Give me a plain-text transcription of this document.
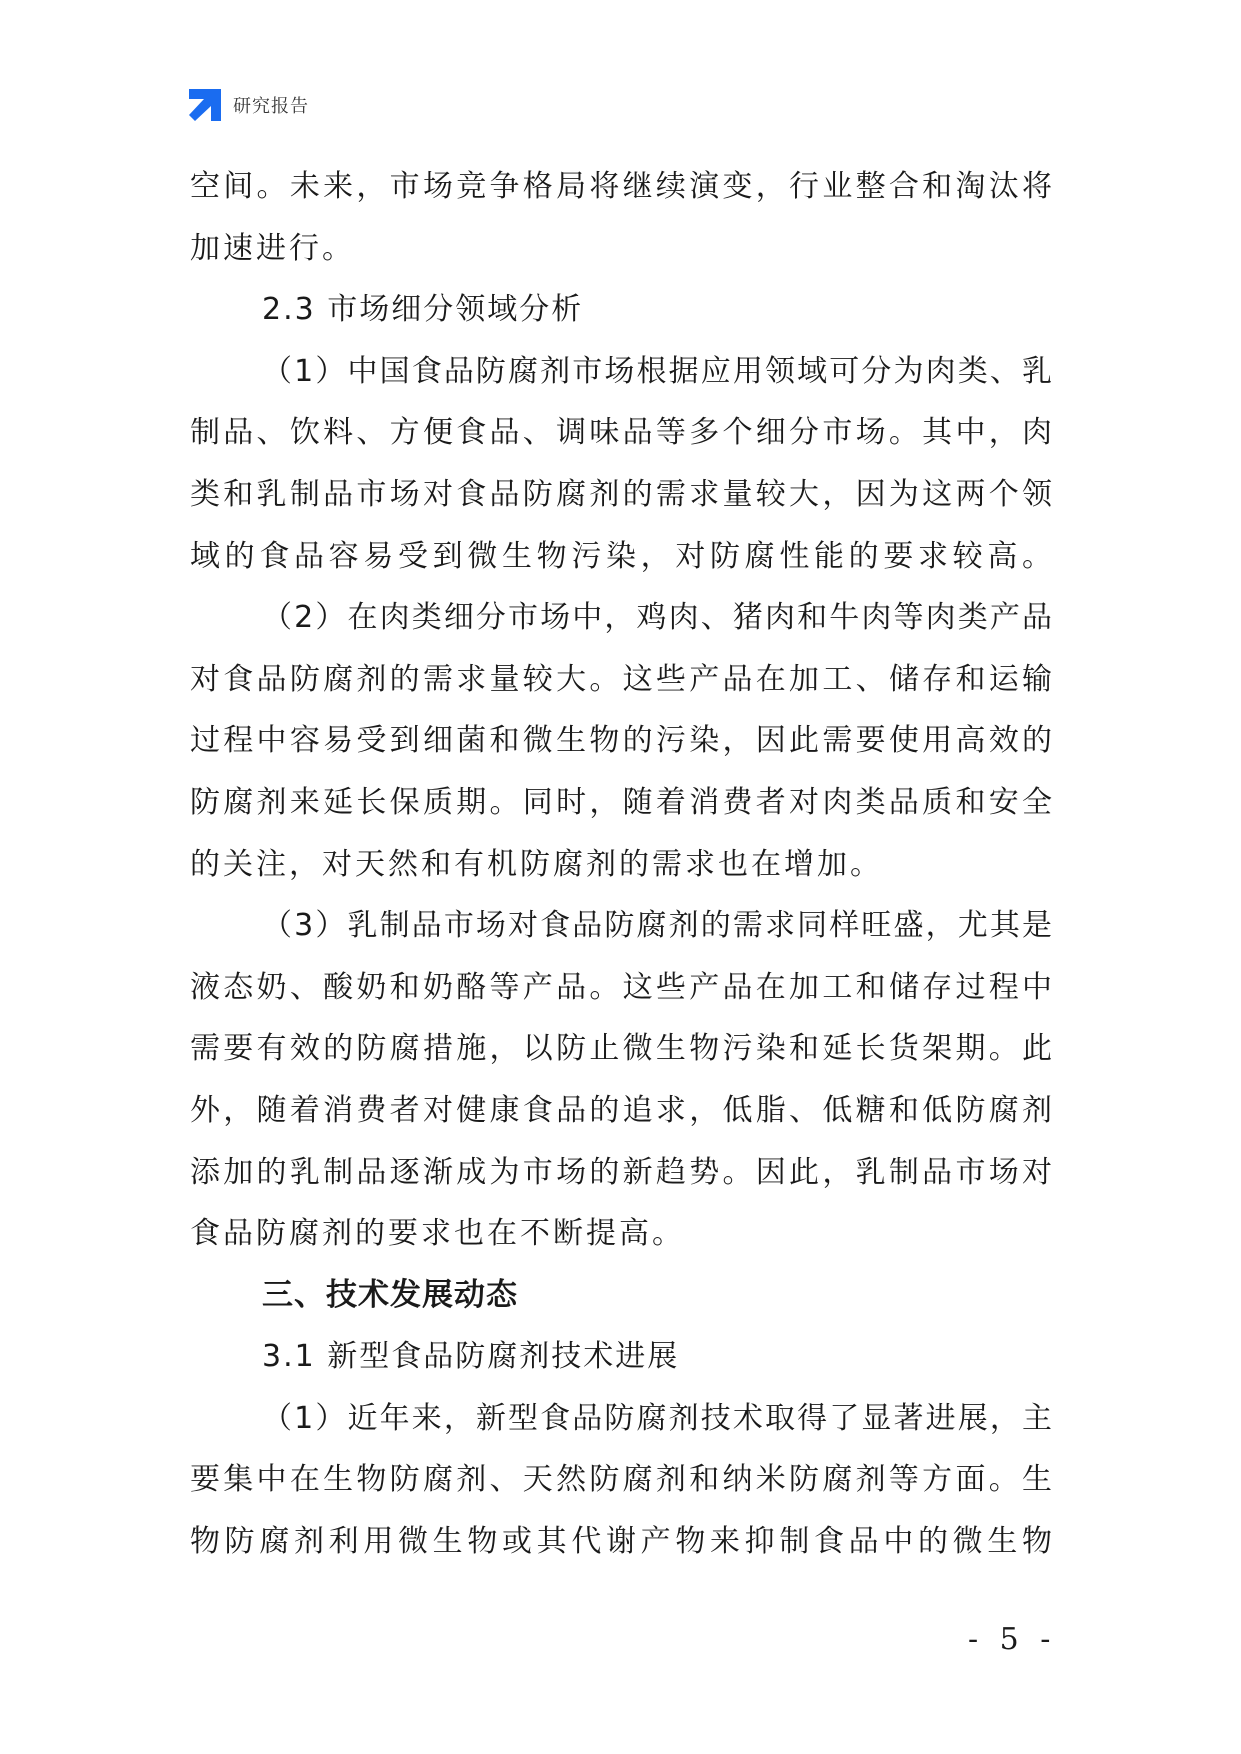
研究报告
空间。未来，市场竞争格局将继续演变，行业整合和淘汰将
加速进行。
2.3 市场细分领域分析
（1）中国食品防腐剂市场根据应用领域可分为肉类、乳
制品、饮料、方便食品、调味品等多个细分市场。其中，肉
类和乳制品市场对食品防腐剂的需求量较大，因为这两个领
域的食品容易受到微生物污染，对防腐性能的要求较高。
（2）在肉类细分市场中，鸡肉、猪肉和牛肉等肉类产品
对食品防腐剂的需求量较大。这些产品在加工、储存和运输
过程中容易受到细菌和微生物的污染，因此需要使用高效的
防腐剂来延长保质期。同时，随着消费者对肉类品质和安全
的关注，对天然和有机防腐剂的需求也在增加。
（3）乳制品市场对食品防腐剂的需求同样旺盛，尤其是
液态奶、酸奶和奶酪等产品。这些产品在加工和储存过程中
需要有效的防腐措施，以防止微生物污染和延长货架期。此
外，随着消费者对健康食品的追求，低脂、低糖和低防腐剂
添加的乳制品逐渐成为市场的新趋势。因此，乳制品市场对
食品防腐剂的要求也在不断提高。
三、技术发展动态
3.1 新型食品防腐剂技术进展
（1）近年来，新型食品防腐剂技术取得了显著进展，主
要集中在生物防腐剂、天然防腐剂和纳米防腐剂等方面。生
物防腐剂利用微生物或其代谢产物来抑制食品中的微生物
- 5 -
